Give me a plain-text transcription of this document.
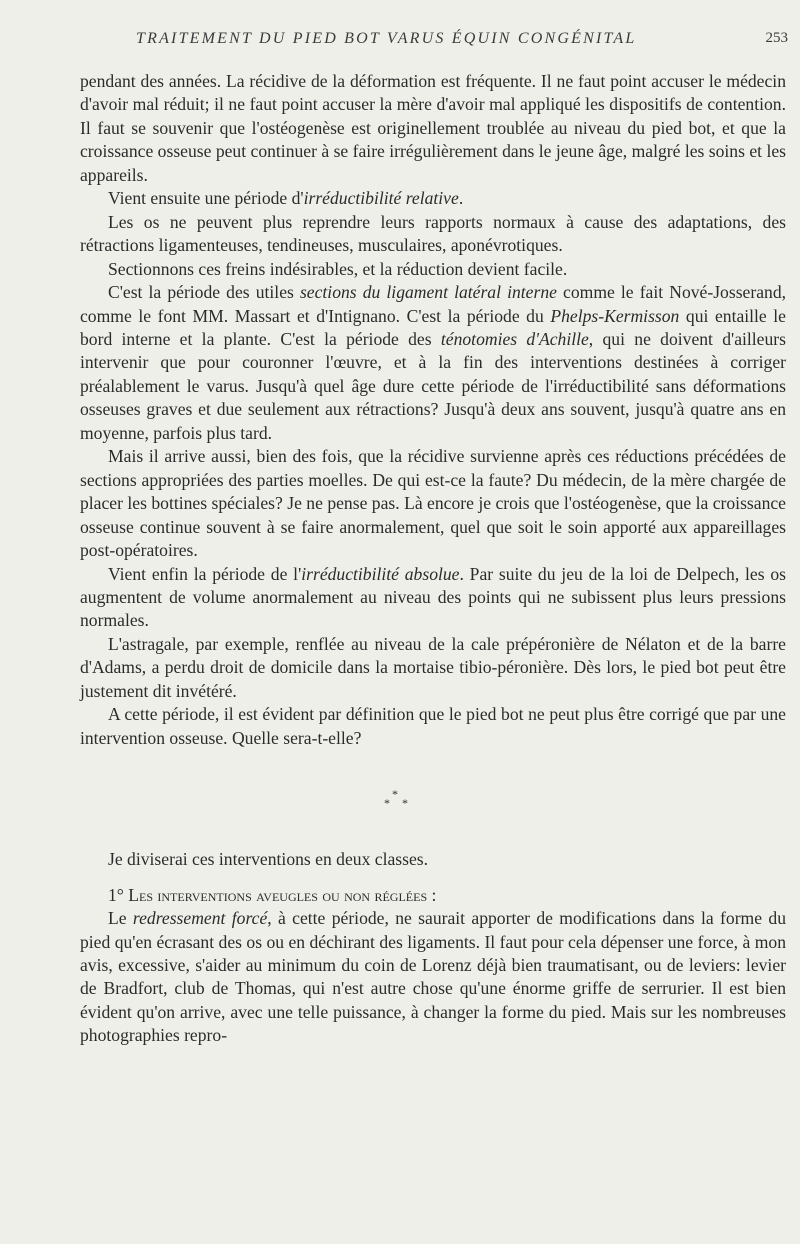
TRAITEMENT DU PIED BOT VARUS ÉQUIN CONGÉNITAL	253

pendant des années. La récidive de la déformation est fréquente. Il ne faut point accuser le médecin d'avoir mal réduit; il ne faut point accuser la mère d'avoir mal appliqué les dispositifs de contention. Il faut se souvenir que l'ostéogenèse est originellement troublée au niveau du pied bot, et que la croissance osseuse peut continuer à se faire irrégulièrement dans le jeune âge, malgré les soins et les appareils.

Vient ensuite une période d'irréductibilité relative.

Les os ne peuvent plus reprendre leurs rapports normaux à cause des adaptations, des rétractions ligamenteuses, tendineuses, musculaires, aponévrotiques.

Sectionnons ces freins indésirables, et la réduction devient facile.

C'est la période des utiles sections du ligament latéral interne comme le fait Nové-Josserand, comme le font MM. Massart et d'Intignano. C'est la période du Phelps-Kermisson qui entaille le bord interne et la plante. C'est la période des ténotomies d'Achille, qui ne doivent d'ailleurs intervenir que pour couronner l'œuvre, et à la fin des interventions destinées à corriger préalablement le varus. Jusqu'à quel âge dure cette période de l'irréductibilité sans déformations osseuses graves et due seulement aux rétractions? Jusqu'à deux ans souvent, jusqu'à quatre ans en moyenne, parfois plus tard.

Mais il arrive aussi, bien des fois, que la récidive survienne après ces réductions précédées de sections appropriées des parties moelles. De qui est-ce la faute? Du médecin, de la mère chargée de placer les bottines spéciales? Je ne pense pas. Là encore je crois que l'ostéogenèse, que la croissance osseuse continue souvent à se faire anormalement, quel que soit le soin apporté aux appareillages post-opératoires.

Vient enfin la période de l'irréductibilité absolue. Par suite du jeu de la loi de Delpech, les os augmentent de volume anormalement au niveau des points qui ne subissent plus leurs pressions normales.

L'astragale, par exemple, renflée au niveau de la cale prépéronière de Nélaton et de la barre d'Adams, a perdu droit de domicile dans la mortaise tibio-péronière. Dès lors, le pied bot peut être justement dit invétéré.

A cette période, il est évident par définition que le pied bot ne peut plus être corrigé que par une intervention osseuse. Quelle sera-t-elle?

*
* *

Je diviserai ces interventions en deux classes.

1° Les interventions aveugles ou non réglées :

Le redressement forcé, à cette période, ne saurait apporter de modifications dans la forme du pied qu'en écrasant des os ou en déchirant des ligaments. Il faut pour cela dépenser une force, à mon avis, excessive, s'aider au minimum du coin de Lorenz déjà bien traumatisant, ou de leviers: levier de Bradfort, club de Thomas, qui n'est autre chose qu'une énorme griffe de serrurier. Il est bien évident qu'on arrive, avec une telle puissance, à changer la forme du pied. Mais sur les nombreuses photographies repro-
